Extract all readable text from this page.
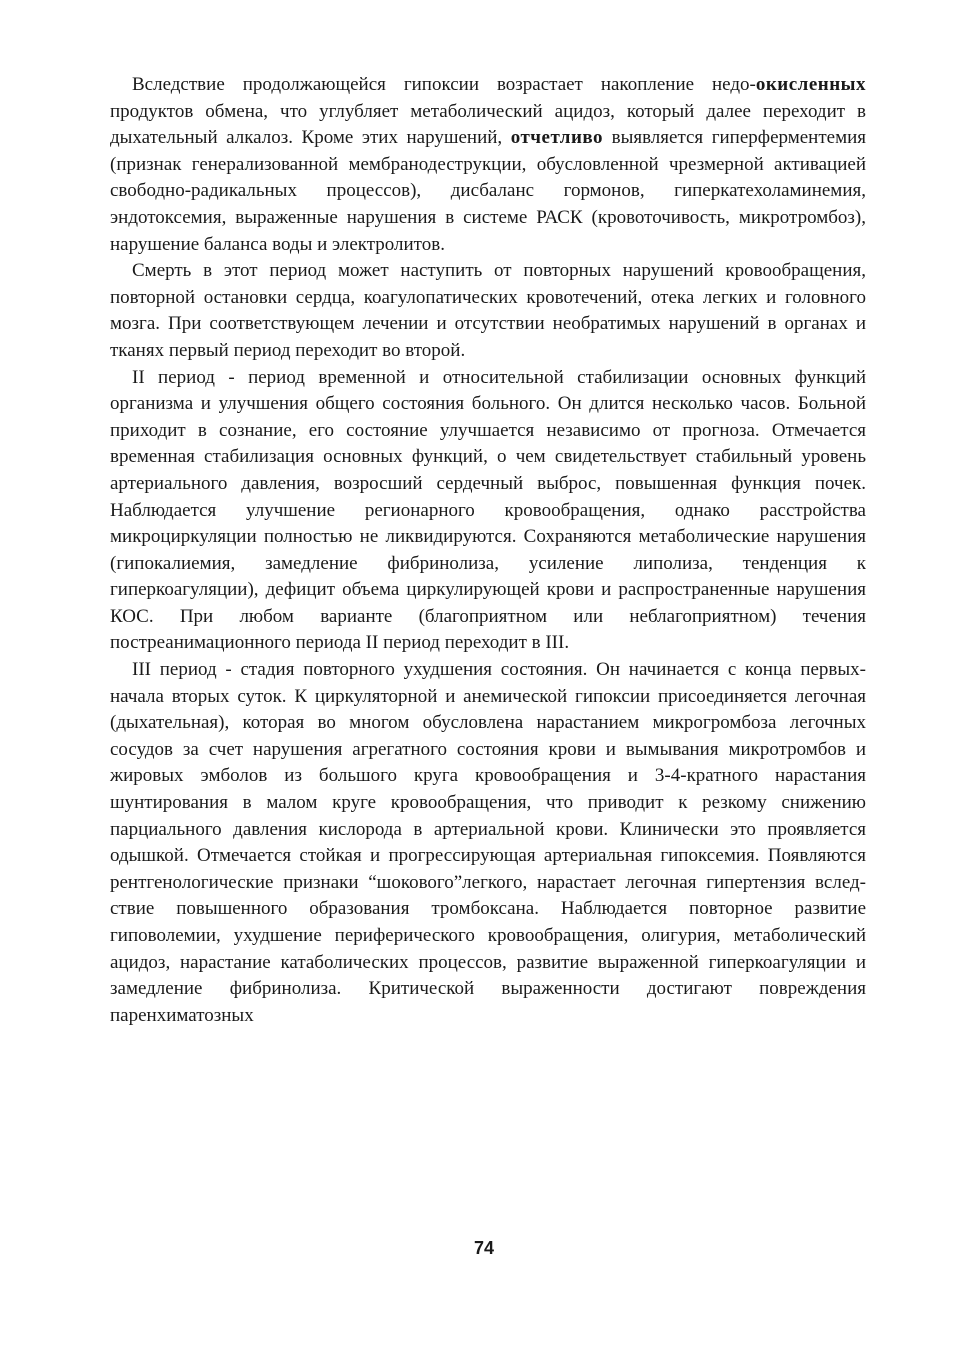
Вследствие продолжающейся гипоксии возрастает накопление недо-окисленных продуктов обмена, что углубляет метаболический ацидоз, который далее переходит в дыхательный алкалоз. Кроме этих нарушений, отчетливо выявляется гиперферментемия (признак генерализованной мембранодеструкции, обусловленной чрезмерной активацией свободно-радикальных процессов), дисбаланс гормонов, гиперкатехоламинемия, эндотоксемия, выраженные нарушения в системе РАСК (кровоточивость, микротромбоз), нарушение баланса воды и электролитов.

Смерть в этот период может наступить от повторных нарушений кровообращения, повторной остановки сердца, коагулопатических кровотечений, отека легких и головного мозга. При соответствующем лечении и отсутствии необратимых нарушений в органах и тканях первый период переходит во второй.

II период - период временной и относительной стабилизации основных функций организма и улучшения общего состояния больного. Он длится несколько часов. Больной приходит в сознание, его состояние улучшается независимо от прогноза. Отмечается временная стабилизация основных функций, о чем свидетельствует стабильный уровень артериального давления, возросший сердечный выброс, повышенная функция почек. Наблюдается улучшение регионарного кровообращения, однако расстройства микроциркуляции полностью не ликвидируются. Сохраняются метаболические нарушения (гипокалиемия, замедление фибринолиза, усиление липолиза, тенденция к гиперкоагуляции), дефицит объема циркулирующей крови и распространенные нарушения КОС. При любом варианте (благоприятном или неблагоприятном) течения постреанимационного периода II период переходит в III.

III период - стадия повторного ухудшения состояния. Он начинается с конца первых-начала вторых суток. К циркуляторной и анемической гипоксии присоединяется легочная (дыхательная), которая во многом обусловлена нарастанием микрогромбоза легочных сосудов за счет нарушения агрегатного состояния крови и вымывания микротромбов и жировых эмболов из большого круга кровообращения и 3-4-кратного нарастания шунтирования в малом круге кровообращения, что приводит к резкому снижению парциального давления кислорода в артериальной крови. Клинически это проявляется одышкой. Отмечается стойкая и прогрессирующая артериальная гипоксемия. Появляются рентгенологические признаки “шокового”легкого, нарастает легочная гипертензия вследствие повышенного образования тромбоксана. Наблюдается повторное развитие гиповолемии, ухудшение периферического кровообращения, олигурия, метаболический ацидоз, нарастание катаболических процессов, развитие выраженной гиперкоагуляции и замедление фибринолиза. Критической выраженности достигают повреждения паренхиматозных

74
